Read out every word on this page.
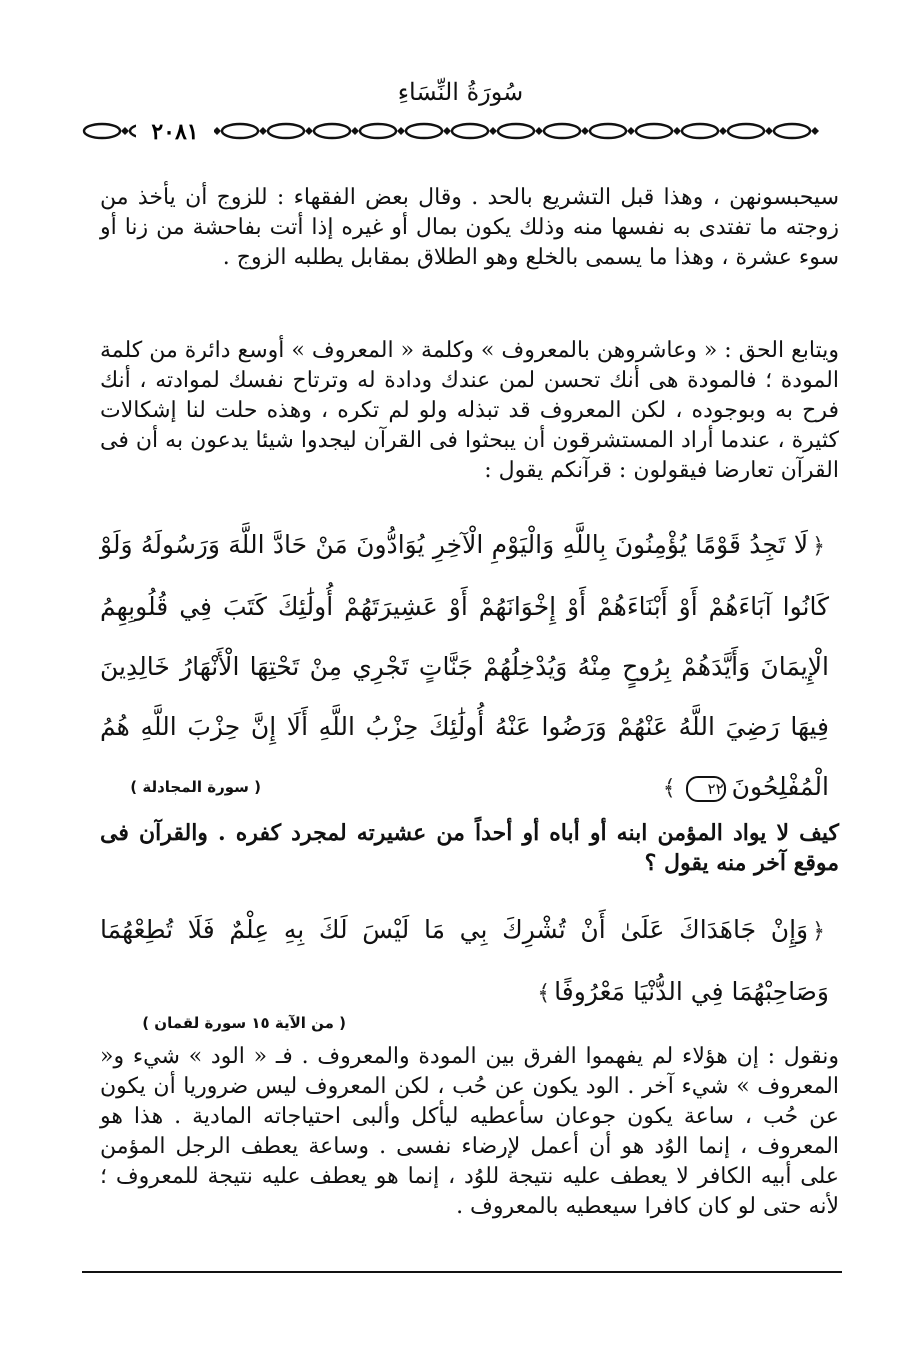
سُورَةُ النِّسَاءِ
٢٠٨١

سيحبسونهن ، وهذا قبل التشريع بالحد . وقال بعض الفقهاء : للزوج أن يأخذ من زوجته ما تفتدى به نفسها منه وذلك يكون بمال أو غيره إذا أتت بفاحشة من زنا أو سوء عشرة ، وهذا ما يسمى بالخلع وهو الطلاق بمقابل يطلبه الزوج .

ويتابع الحق : « وعاشروهن بالمعروف » وكلمة « المعروف » أوسع دائرة من كلمة المودة ؛ فالمودة هى أنك تحسن لمن عندك ودادة له وترتاح نفسك لموادته ، أنك فرح به وبوجوده ، لكن المعروف قد تبذله ولو لم تكره ، وهذه حلت لنا إشكالات كثيرة ، عندما أراد المستشرقون أن يبحثوا فى القرآن ليجدوا شيئا يدعون به أن فى القرآن تعارضا فيقولون : قرآنكم يقول :

﴿لَا تَجِدُ قَوْمًا يُؤْمِنُونَ بِاللَّهِ وَالْيَوْمِ الْآخِرِ يُوَادُّونَ مَنْ حَادَّ اللَّهَ وَرَسُولَهُ وَلَوْ كَانُوا آبَاءَهُمْ أَوْ أَبْنَاءَهُمْ أَوْ إِخْوَانَهُمْ أَوْ عَشِيرَتَهُمْ أُولَٰئِكَ كَتَبَ فِي قُلُوبِهِمُ الْإِيمَانَ وَأَيَّدَهُمْ بِرُوحٍ مِنْهُ وَيُدْخِلُهُمْ جَنَّاتٍ تَجْرِي مِنْ تَحْتِهَا الْأَنْهَارُ خَالِدِينَ فِيهَا رَضِيَ اللَّهُ عَنْهُمْ وَرَضُوا عَنْهُ أُولَٰئِكَ حِزْبُ اللَّهِ أَلَا إِنَّ حِزْبَ اللَّهِ هُمُ الْمُفْلِحُونَ٢٢﴾

( سورة المجادلة )

كيف لا يواد المؤمن ابنه أو أباه أو أحداً من عشيرته لمجرد كفره . والقرآن فى موقع آخر منه يقول ؟

﴿وَإِنْ جَاهَدَاكَ عَلَىٰ أَنْ تُشْرِكَ بِي مَا لَيْسَ لَكَ بِهِ عِلْمٌ فَلَا تُطِعْهُمَا وَصَاحِبْهُمَا فِي الدُّنْيَا مَعْرُوفًا﴾

( من الآية ١٥ سورة لقمان )

ونقول : إن هؤلاء لم يفهموا الفرق بين المودة والمعروف . فـ « الود » شيء و« المعروف » شيء آخر . الود يكون عن حُب ، لكن المعروف ليس ضروريا أن يكون عن حُب ، ساعة يكون جوعان سأعطيه ليأكل وألبى احتياجاته المادية . هذا هو المعروف ، إنما الوُد هو أن أعمل لإرضاء نفسى . وساعة يعطف الرجل المؤمن على أبيه الكافر لا يعطف عليه نتيجة للوُد ، إنما هو يعطف عليه نتيجة للمعروف ؛ لأنه حتى لو كان كافرا سيعطيه بالمعروف .
